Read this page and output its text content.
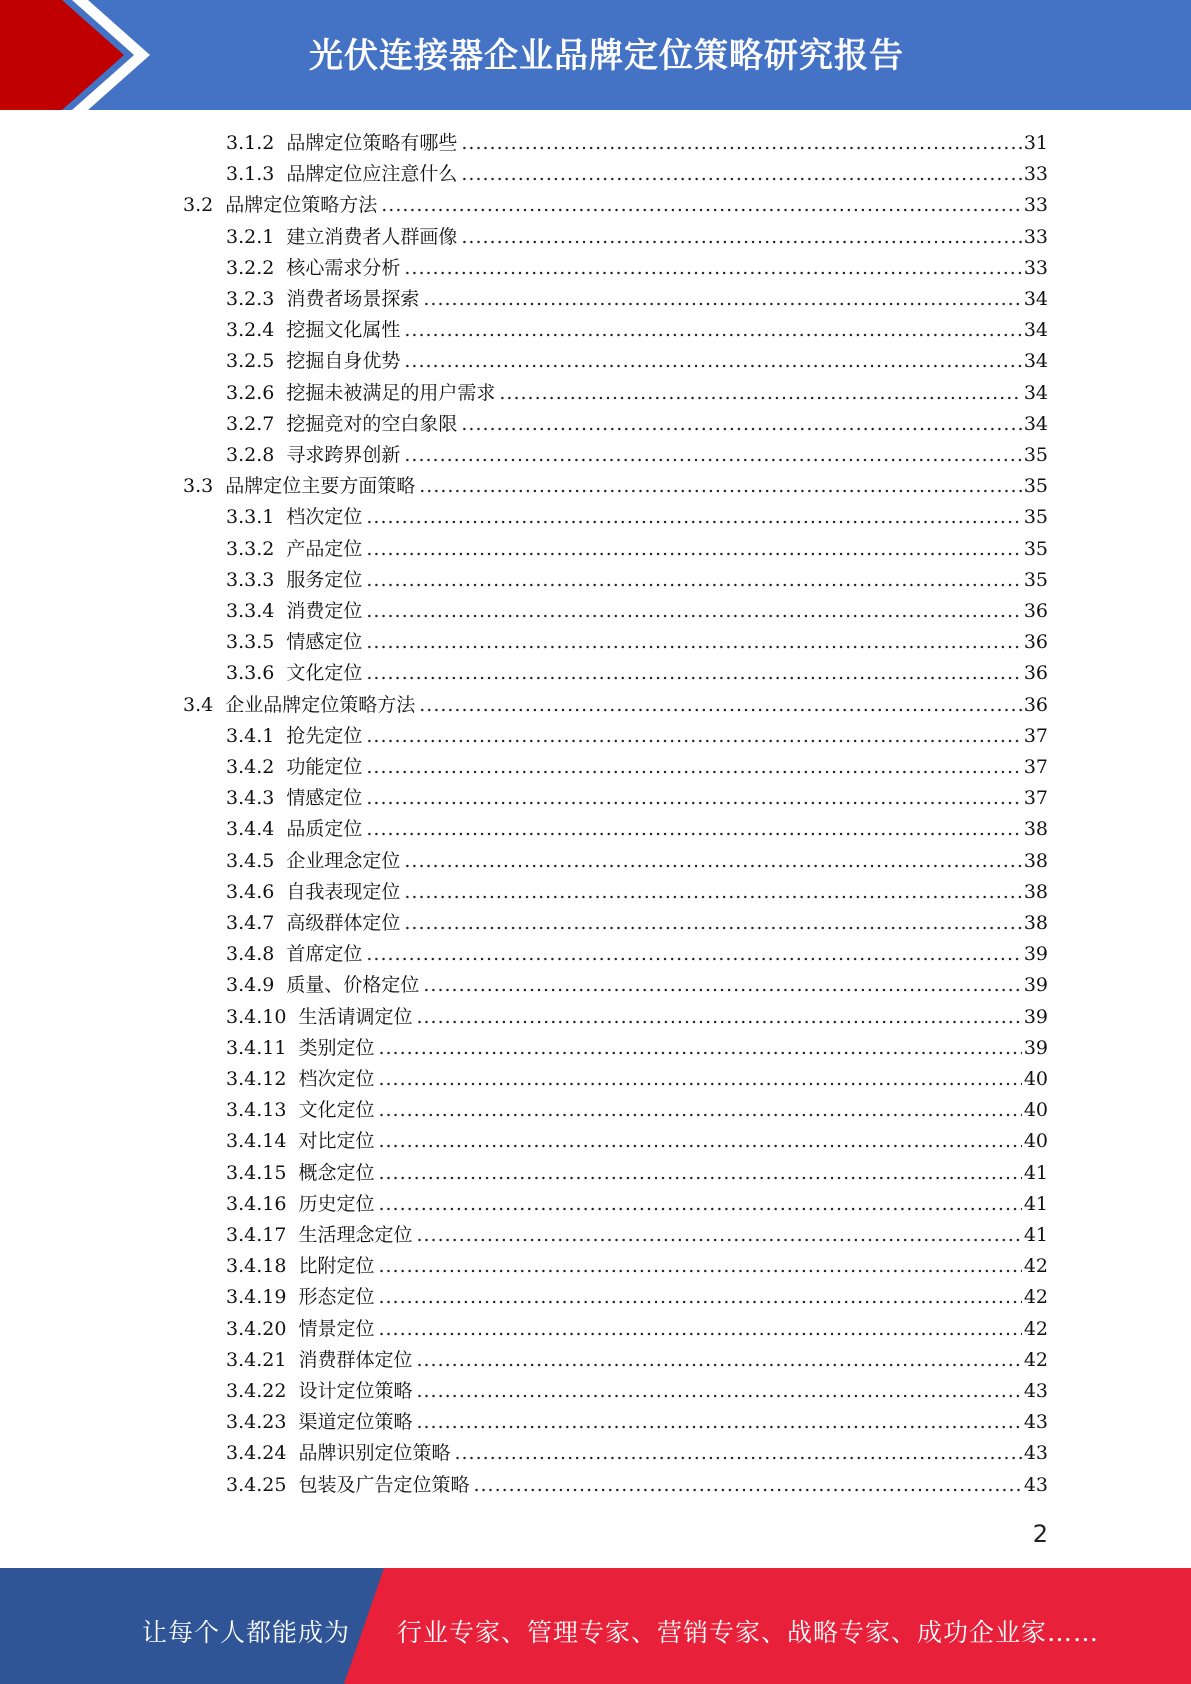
光伏连接器企业品牌定位策略研究报告
3.1.2 品牌定位策略有哪些 .....	31
3.1.3 品牌定位应注意什么 .....	33
3.2 品牌定位策略方法 .....	33
3.2.1 建立消费者人群画像 .....	33
3.2.2 核心需求分析 .....	33
3.2.3 消费者场景探索 .....	34
3.2.4 挖掘文化属性 .....	34
3.2.5 挖掘自身优势 .....	34
3.2.6 挖掘未被满足的用户需求 .....	34
3.2.7 挖掘竞对的空白象限 .....	34
3.2.8 寻求跨界创新 .....	35
3.3 品牌定位主要方面策略 .....	35
3.3.1 档次定位 .....	35
3.3.2 产品定位 .....	35
3.3.3 服务定位 .....	35
3.3.4 消费定位 .....	36
3.3.5 情感定位 .....	36
3.3.6 文化定位 .....	36
3.4 企业品牌定位策略方法 .....	36
3.4.1 抢先定位 .....	37
3.4.2 功能定位 .....	37
3.4.3 情感定位 .....	37
3.4.4 品质定位 .....	38
3.4.5 企业理念定位 .....	38
3.4.6 自我表现定位 .....	38
3.4.7 高级群体定位 .....	38
3.4.8 首席定位 .....	39
3.4.9 质量、价格定位 .....	39
3.4.10 生活请调定位 .....	39
3.4.11 类别定位 .....	39
3.4.12 档次定位 .....	40
3.4.13 文化定位 .....	40
3.4.14 对比定位 .....	40
3.4.15 概念定位 .....	41
3.4.16 历史定位 .....	41
3.4.17 生活理念定位 .....	41
3.4.18 比附定位 .....	42
3.4.19 形态定位 .....	42
3.4.20 情景定位 .....	42
3.4.21 消费群体定位 .....	42
3.4.22 设计定位策略 .....	43
3.4.23 渠道定位策略 .....	43
3.4.24 品牌识别定位策略 .....	43
3.4.25 包装及广告定位策略 .....	43
2
让每个人都能成为 行业专家、管理专家、营销专家、战略专家、成功企业家……
